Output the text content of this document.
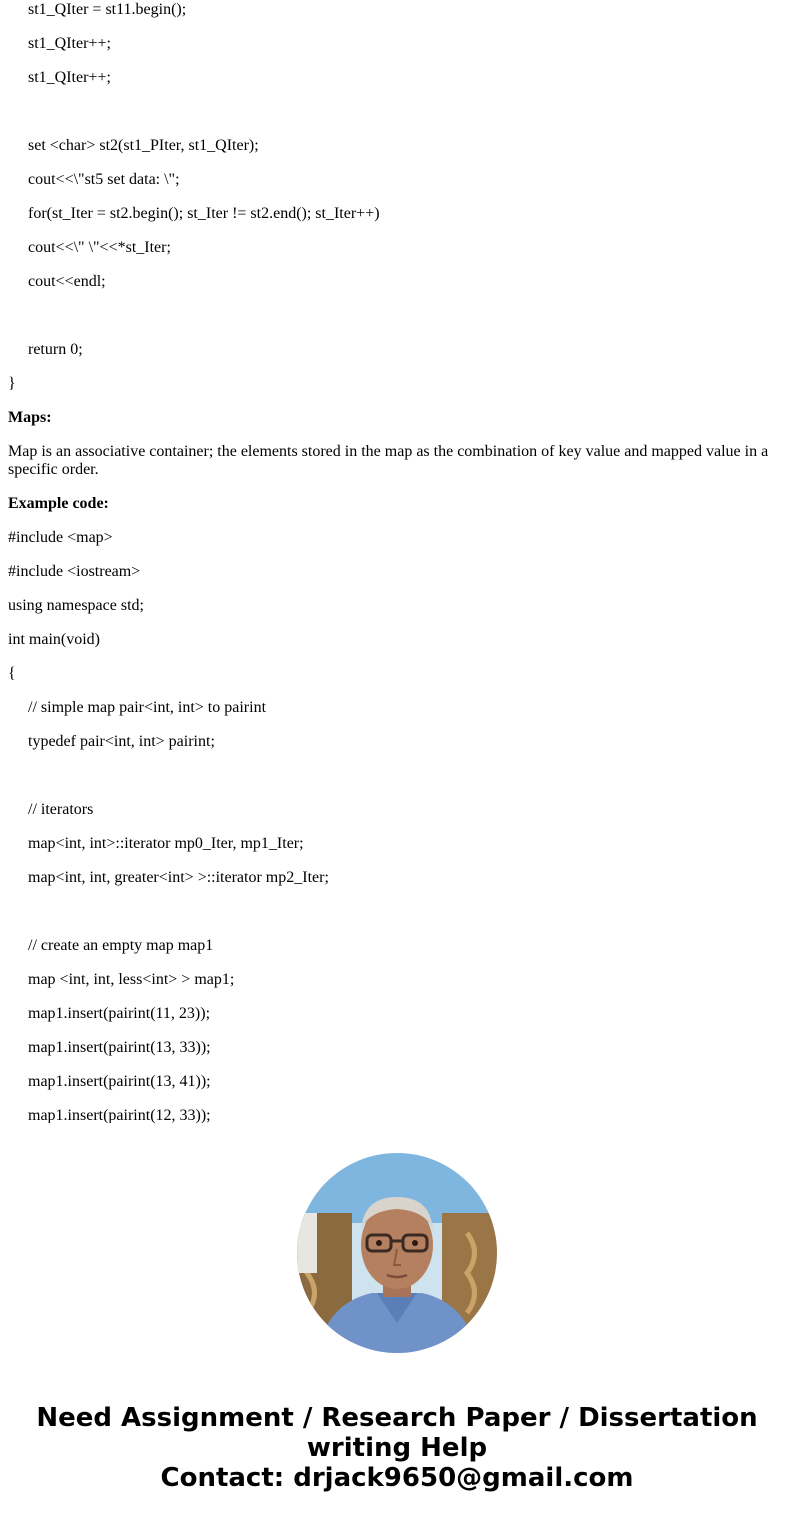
st1_QIter = st11.begin();
st1_QIter++;
st1_QIter++;
set <char> st2(st1_PIter, st1_QIter);
cout<<\"st5 set data: \";
for(st_Iter = st2.begin(); st_Iter != st2.end(); st_Iter++)
cout<<\" \"<<*st_Iter;
cout<<endl;
return 0;
}
Maps:
Map is an associative container; the elements stored in the map as the combination of key value and mapped value in a specific order.
Example code:
#include <map>
#include <iostream>
using namespace std;
int main(void)
{
// simple map pair<int, int> to pairint
typedef pair<int, int> pairint;
// iterators
map<int, int>::iterator mp0_Iter, mp1_Iter;
map<int, int, greater<int> >::iterator mp2_Iter;
// create an empty map map1
map <int, int, less<int> > map1;
map1.insert(pairint(11, 23));
map1.insert(pairint(13, 33));
map1.insert(pairint(13, 41));
map1.insert(pairint(12, 33));
Need Assignment / Research Paper / Dissertation
writing Help
Contact: drjack9650@gmail.com
